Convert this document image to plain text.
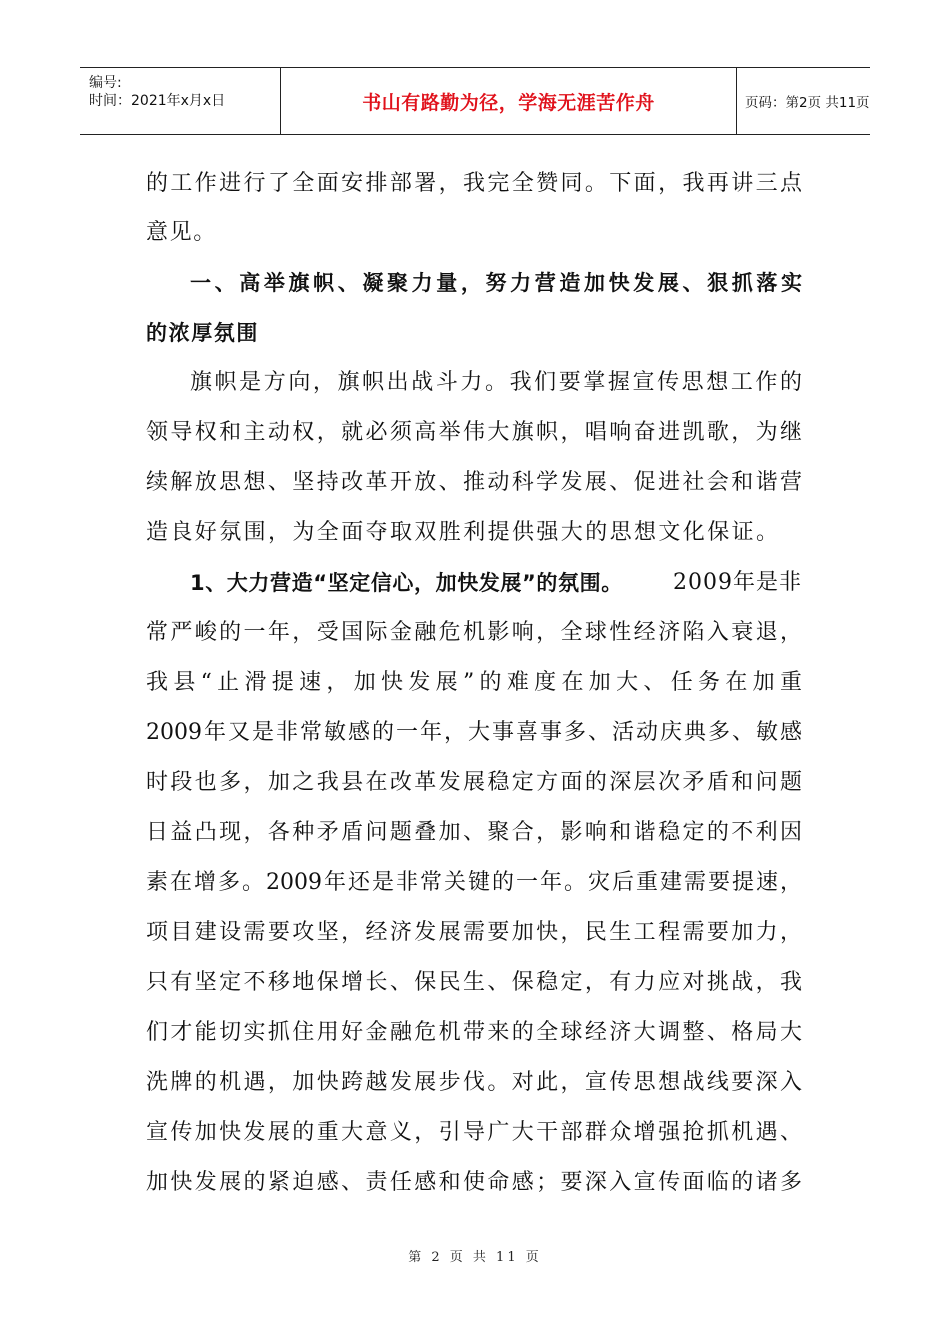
编号:
时间：2021年x月x日	书山有路勤为径，学海无涯苦作舟	页码：第2页 共11页
的工作进行了全面安排部署，我完全赞同。下面，我再讲三点
意见。
一、高举旗帜、凝聚力量，努力营造加快发展、狠抓落实
的浓厚氛围
旗帜是方向，旗帜出战斗力。我们要掌握宣传思想工作的
领导权和主动权，就必须高举伟大旗帜，唱响奋进凯歌，为继
续解放思想、坚持改革开放、推动科学发展、促进社会和谐营
造良好氛围，为全面夺取双胜利提供强大的思想文化保证。
1、大力营造“坚定信心，加快发展”的氛围。 2009年是非
常严峻的一年，受国际金融危机影响，全球性经济陷入衰退，
我县“止滑提速，加快发展”的难度在加大、任务在加重
2009年又是非常敏感的一年，大事喜事多、活动庆典多、敏感
时段也多，加之我县在改革发展稳定方面的深层次矛盾和问题
日益凸现，各种矛盾问题叠加、聚合，影响和谐稳定的不利因
素在增多。2009年还是非常关键的一年。灾后重建需要提速，
项目建设需要攻坚，经济发展需要加快，民生工程需要加力，
只有坚定不移地保增长、保民生、保稳定，有力应对挑战，我
们才能切实抓住用好金融危机带来的全球经济大调整、格局大
洗牌的机遇，加快跨越发展步伐。对此，宣传思想战线要深入
宣传加快发展的重大意义，引导广大干部群众增强抢抓机遇、
加快发展的紧迫感、责任感和使命感；要深入宣传面临的诸多
第 2 页 共 11 页
